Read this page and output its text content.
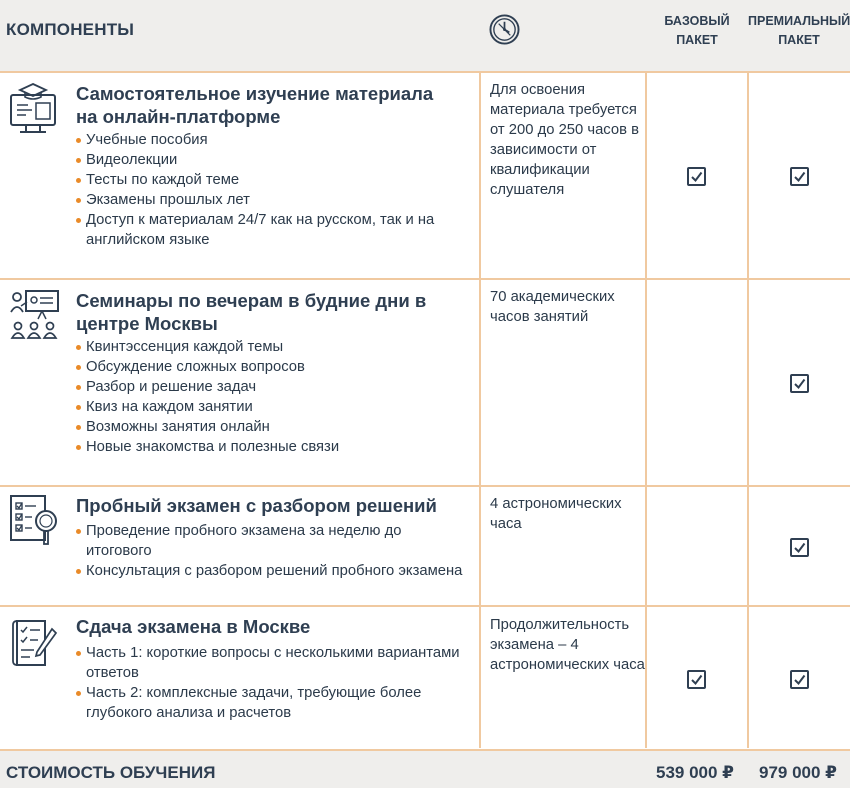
КОМПОНЕНТЫ	БАЗОВЫЙ ПАКЕТ
ПРЕМИАЛЬНЫЙ ПАКЕТ
Самостоятельное изучение материала на онлайн-платформе
Учебные пособия
Видеолекции
Тесты по каждой теме
Экзамены прошлых лет
Доступ к материалам 24/7 как на русском, так и на английском языке
Для освоения материала требуется от 200 до 250 часов в зависимости от квалификации слушателя
Семинары по вечерам в будние дни в центре Москвы
Квинтэссенция каждой темы
Обсуждение сложных вопросов
Разбор и решение задач
Квиз на каждом занятии
Возможны занятия онлайн
Новые знакомства и полезные связи
70 академических часов занятий
Пробный экзамен с разбором решений
Проведение пробного экзамена за неделю до итогового
Консультация с разбором решений пробного экзамена
4 астрономических часа
Сдача экзамена в Москве
Часть 1: короткие вопросы с несколькими вариантами ответов
Часть 2: комплексные задачи, требующие более глубокого анализа и расчетов
Продолжительность экзамена – 4 астрономических часа
СТОИМОСТЬ ОБУЧЕНИЯ	539 000 ₽ 979 000 ₽
